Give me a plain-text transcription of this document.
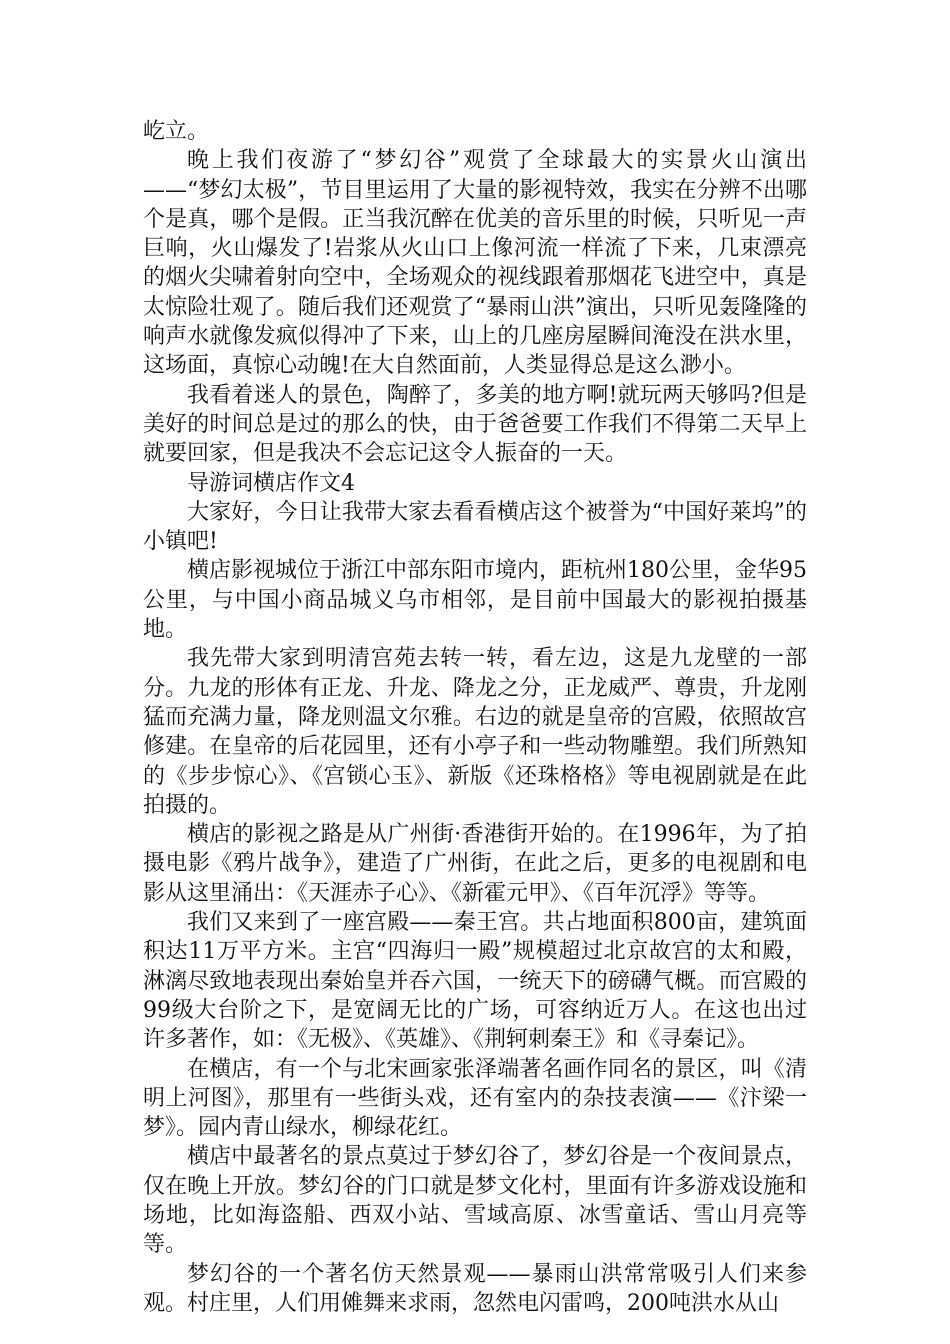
屹立。

晚上我们夜游了“梦幻谷”观赏了全球最大的实景火山演出——“梦幻太极”，节目里运用了大量的影视特效，我实在分辨不出哪个是真，哪个是假。正当我沉醉在优美的音乐里的时候，只听见一声巨响，火山爆发了!岩浆从火山口上像河流一样流了下来，几束漂亮的烟火尖啸着射向空中，全场观众的视线跟着那烟花飞进空中，真是太惊险壮观了。随后我们还观赏了“暴雨山洪”演出，只听见轰隆隆的响声水就像发疯似得冲了下来，山上的几座房屋瞬间淹没在洪水里，这场面，真惊心动魄!在大自然面前，人类显得总是这么渺小。

我看着迷人的景色，陶醉了，多美的地方啊!就玩两天够吗?但是美好的时间总是过的那么的快，由于爸爸要工作我们不得第二天早上就要回家，但是我决不会忘记这令人振奋的一天。

导游词横店作文4

大家好，今日让我带大家去看看横店这个被誉为“中国好莱坞”的小镇吧!

横店影视城位于浙江中部东阳市境内，距杭州180公里，金华95公里，与中国小商品城义乌市相邻，是目前中国最大的影视拍摄基地。

我先带大家到明清宫苑去转一转，看左边，这是九龙壁的一部分。九龙的形体有正龙、升龙、降龙之分，正龙威严、尊贵，升龙刚猛而充满力量，降龙则温文尔雅。右边的就是皇帝的宫殿，依照故宫修建。在皇帝的后花园里，还有小亭子和一些动物雕塑。我们所熟知的《步步惊心》、《宫锁心玉》、新版《还珠格格》等电视剧就是在此拍摄的。

横店的影视之路是从广州街·香港街开始的。在1996年，为了拍摄电影《鸦片战争》，建造了广州街，在此之后，更多的电视剧和电影从这里涌出：《天涯赤子心》、《新霍元甲》、《百年沉浮》等等。

我们又来到了一座宫殿——秦王宫。共占地面积800亩，建筑面积达11万平方米。主宫“四海归一殿”规模超过北京故宫的太和殿，淋漓尽致地表现出秦始皇并吞六国，一统天下的磅礴气概。而宫殿的99级大台阶之下，是宽阔无比的广场，可容纳近万人。在这也出过许多著作，如：《无极》、《英雄》、《荆轲刺秦王》和《寻秦记》。

在横店，有一个与北宋画家张泽端著名画作同名的景区，叫《清明上河图》，那里有一些街头戏，还有室内的杂技表演——《汴梁一梦》。园内青山绿水，柳绿花红。

横店中最著名的景点莫过于梦幻谷了，梦幻谷是一个夜间景点，仅在晚上开放。梦幻谷的门口就是梦文化村，里面有许多游戏设施和场地，比如海盗船、西双小站、雪域高原、冰雪童话、雪山月亮等等。

梦幻谷的一个著名仿天然景观——暴雨山洪常常吸引人们来参观。村庄里，人们用傩舞来求雨，忽然电闪雷鸣，200吨洪水从山
